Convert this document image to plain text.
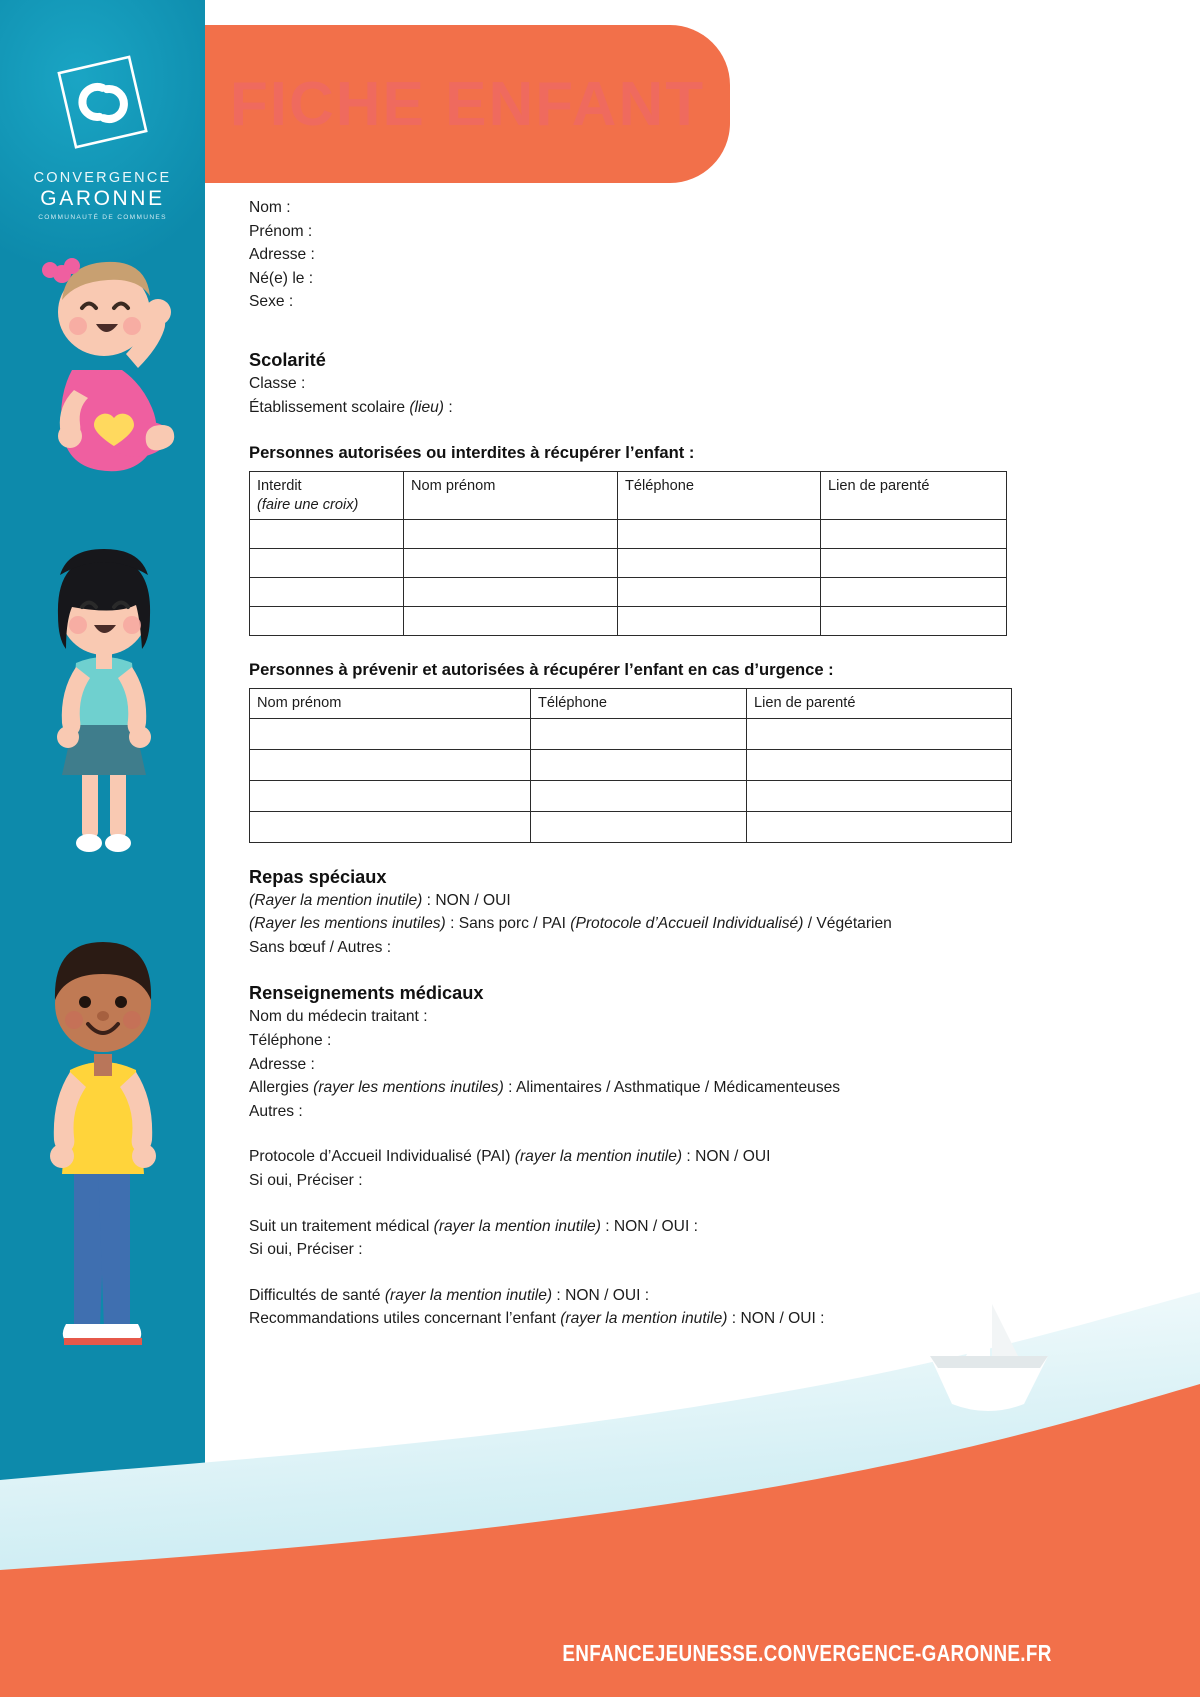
CONVERGENCE
GARONNE
COMMUNAUTÉ DE COMMUNES
FICHE ENFANT
Nom :
Prénom :
Adresse :
Né(e) le :
Sexe :
Scolarité
Classe :
Établissement scolaire (lieu) :
Personnes autorisées ou interdites à récupérer l’enfant :
Interdit
(faire une croix)	Nom prénom	Téléphone	Lien de parenté

Personnes à prévenir et autorisées à récupérer l’enfant en cas d’urgence :
Nom prénom	Téléphone	Lien de parenté

Repas spéciaux
(Rayer la mention inutile) : NON / OUI
(Rayer les mentions inutiles) : Sans porc / PAI (Protocole d’Accueil Individualisé) / Végétarien
Sans bœuf / Autres :
Renseignements médicaux
Nom du médecin traitant :
Téléphone :
Adresse :
Allergies (rayer les mentions inutiles) : Alimentaires / Asthmatique / Médicamenteuses
Autres :
Protocole d’Accueil Individualisé (PAI) (rayer la mention inutile) : NON / OUI
Si oui, Préciser :
Suit un traitement médical (rayer la mention inutile) : NON / OUI :
Si oui, Préciser :
Difficultés de santé (rayer la mention inutile) : NON / OUI :
Recommandations utiles concernant l’enfant (rayer la mention inutile) : NON / OUI :
ENFANCEJEUNESSE.CONVERGENCE-GARONNE.FR
